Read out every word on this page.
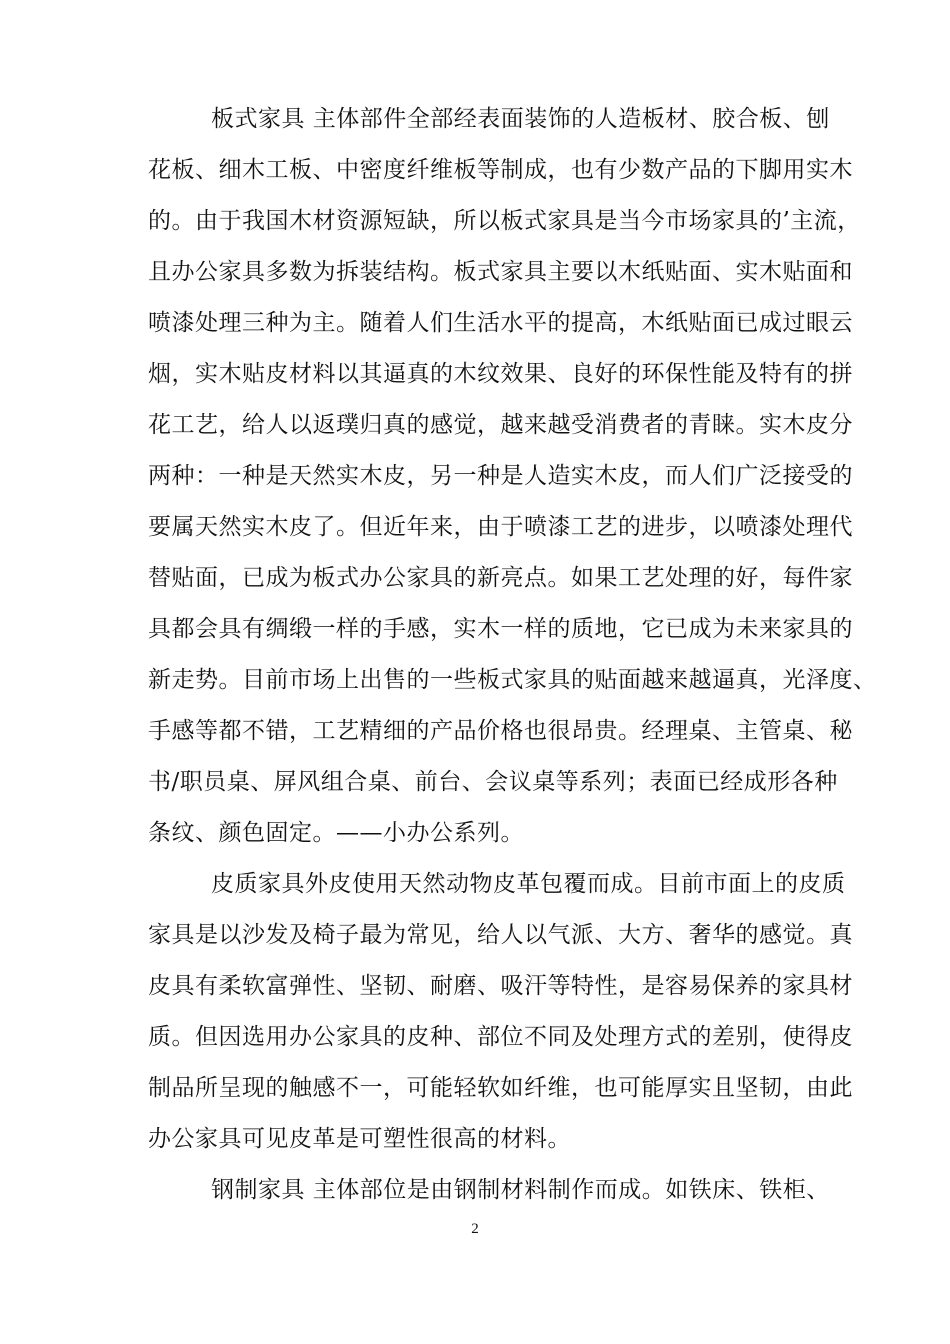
板式家具 主体部件全部经表面装饰的人造板材、胶合板、刨
花板、细木工板、中密度纤维板等制成，也有少数产品的下脚用实木
的。由于我国木材资源短缺，所以板式家具是当今市场家具的’主流，
且办公家具多数为拆装结构。板式家具主要以木纸贴面、实木贴面和
喷漆处理三种为主。随着人们生活水平的提高，木纸贴面已成过眼云
烟，实木贴皮材料以其逼真的木纹效果、良好的环保性能及特有的拼
花工艺，给人以返璞归真的感觉，越来越受消费者的青睐。实木皮分
两种：一种是天然实木皮，另一种是人造实木皮，而人们广泛接受的
要属天然实木皮了。但近年来，由于喷漆工艺的进步，以喷漆处理代
替贴面，已成为板式办公家具的新亮点。如果工艺处理的好，每件家
具都会具有绸缎一样的手感，实木一样的质地，它已成为未来家具的
新走势。目前市场上出售的一些板式家具的贴面越来越逼真，光泽度、
手感等都不错，工艺精细的产品价格也很昂贵。经理桌、主管桌、秘
书/职员桌、屏风组合桌、前台、会议桌等系列；表面已经成形各种
条纹、颜色固定。——小办公系列。
皮质家具外皮使用天然动物皮革包覆而成。目前市面上的皮质
家具是以沙发及椅子最为常见，给人以气派、大方、奢华的感觉。真
皮具有柔软富弹性、坚韧、耐磨、吸汗等特性，是容易保养的家具材
质。但因选用办公家具的皮种、部位不同及处理方式的差别，使得皮
制品所呈现的触感不一，可能轻软如纤维，也可能厚实且坚韧，由此
办公家具可见皮革是可塑性很高的材料。
钢制家具 主体部位是由钢制材料制作而成。如铁床、铁柜、
2
